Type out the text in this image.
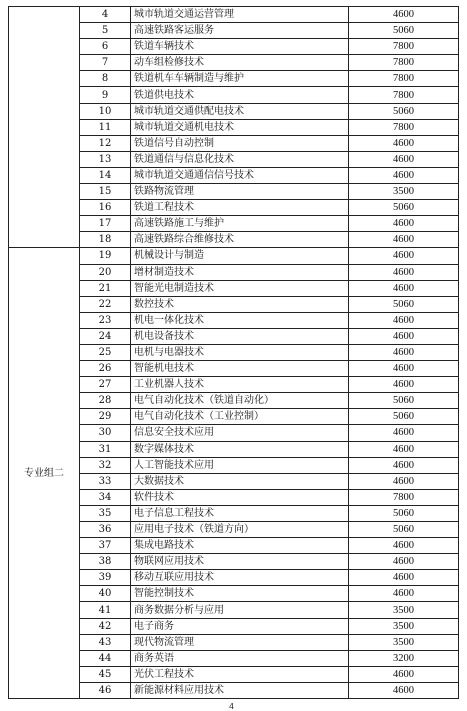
	4	城市轨道交通运营管理	4600
	5	高速铁路客运服务	5060
	6	铁道车辆技术	7800
	7	动车组检修技术	7800
	8	铁道机车车辆制造与维护	7800
	9	铁道供电技术	7800
	10	城市轨道交通供配电技术	5060
	11	城市轨道交通机电技术	7800
	12	铁道信号自动控制	4600
	13	铁道通信与信息化技术	4600
	14	城市轨道交通通信信号技术	4600
	15	铁路物流管理	3500
	16	铁道工程技术	5060
	17	高速铁路施工与维护	4600
	18	高速铁路综合维修技术	4600
专业组二	19	机械设计与制造	4600
	20	增材制造技术	4600
	21	智能光电制造技术	4600
	22	数控技术	5060
	23	机电一体化技术	4600
	24	机电设备技术	4600
	25	电机与电器技术	4600
	26	智能机电技术	4600
	27	工业机器人技术	4600
	28	电气自动化技术（铁道自动化）	5060
	29	电气自动化技术（工业控制）	5060
	30	信息安全技术应用	4600
	31	数字媒体技术	4600
	32	人工智能技术应用	4600
	33	大数据技术	4600
	34	软件技术	7800
	35	电子信息工程技术	5060
	36	应用电子技术（铁道方向）	5060
	37	集成电路技术	4600
	38	物联网应用技术	4600
	39	移动互联应用技术	4600
	40	智能控制技术	4600
	41	商务数据分析与应用	3500
	42	电子商务	3500
	43	现代物流管理	3500
	44	商务英语	3200
	45	光伏工程技术	4600
	46	新能源材料应用技术	4600
4
